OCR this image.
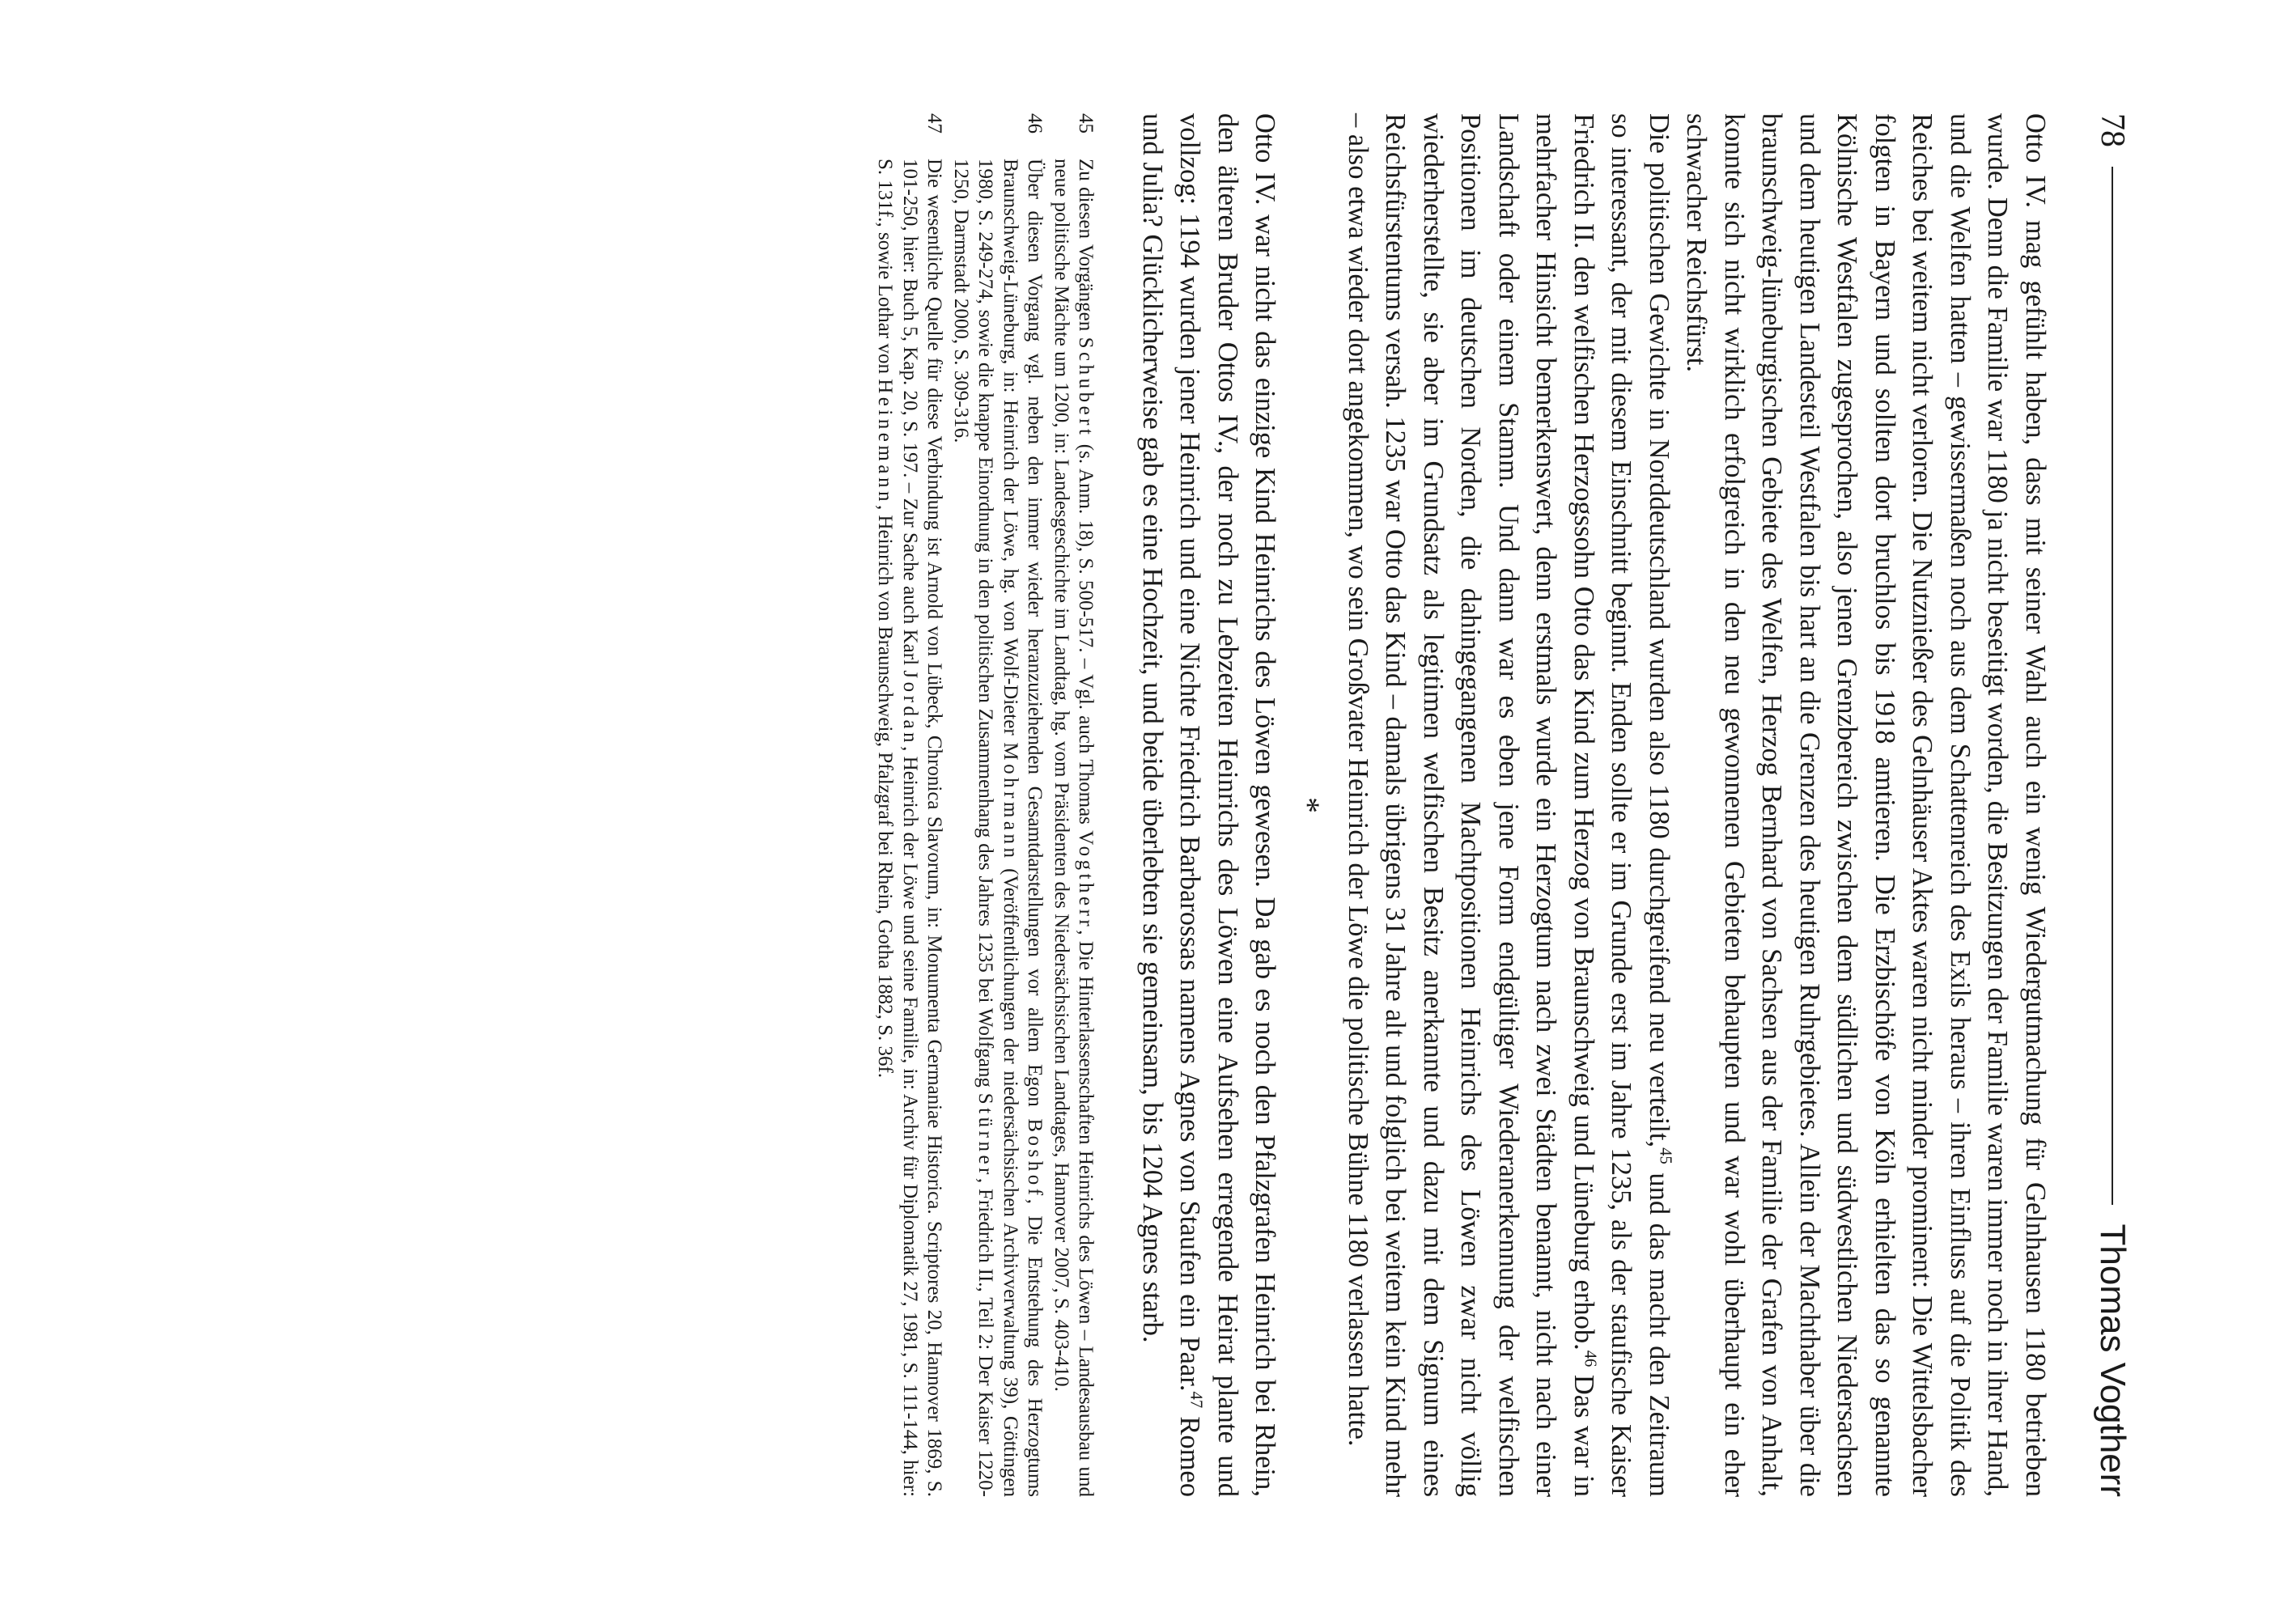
78
Thomas Vogtherr

Otto IV. mag gefühlt haben, dass mit seiner Wahl auch ein wenig Wiedergutmachung für Gelnhausen 1180 betrieben wurde. Denn die Familie war 1180 ja nicht beseitigt worden, die Besitzungen der Familie waren immer noch in ihrer Hand, und die Welfen hatten – gewissermaßen noch aus dem Schattenreich des Exils heraus – ihren Einfluss auf die Politik des Reiches bei weitem nicht verloren. Die Nutznießer des Gelnhäuser Aktes waren nicht minder prominent: Die Wittelsbacher folgten in Bayern und sollten dort bruchlos bis 1918 amtieren. Die Erzbischöfe von Köln erhielten das so genannte Kölnische Westfalen zugesprochen, also jenen Grenzbereich zwischen dem südlichen und südwestlichen Niedersachsen und dem heutigen Landesteil Westfalen bis hart an die Grenzen des heutigen Ruhrgebietes. Allein der Machthaber über die braunschweig-lüneburgischen Gebiete des Welfen, Herzog Bernhard von Sachsen aus der Familie der Grafen von Anhalt, konnte sich nicht wirklich erfolgreich in den neu gewonnenen Gebieten behaupten und war wohl überhaupt ein eher schwacher Reichsfürst.

Die politischen Gewichte in Norddeutschland wurden also 1180 durchgreifend neu verteilt,$^{45}$ und das macht den Zeitraum so interessant, der mit diesem Einschnitt beginnt. Enden sollte er im Grunde erst im Jahre 1235, als der staufische Kaiser Friedrich II. den welfischen Herzogssohn Otto das Kind zum Herzog von Braunschweig und Lüneburg erhob.$^{46}$ Das war in mehrfacher Hinsicht bemerkenswert, denn erstmals wurde ein Herzogtum nach zwei Städten benannt, nicht nach einer Landschaft oder einem Stamm. Und dann war es eben jene Form endgültiger Wiederanerkennung der welfischen Positionen im deutschen Norden, die dahingegangenen Machtpositionen Heinrichs des Löwen zwar nicht völlig wiederherstellte, sie aber im Grundsatz als legitimen welfischen Besitz anerkannte und dazu mit dem Signum eines Reichsfürstentums versah. 1235 war Otto das Kind – damals übrigens 31 Jahre alt und folglich bei weitem kein Kind mehr – also etwa wieder dort angekommen, wo sein Großvater Heinrich der Löwe die politische Bühne 1180 verlassen hatte.

*

Otto IV. war nicht das einzige Kind Heinrichs des Löwen gewesen. Da gab es noch den Pfalzgrafen Heinrich bei Rhein, den älteren Bruder Ottos IV., der noch zu Lebzeiten Heinrichs des Löwen eine Aufsehen erregende Heirat plante und vollzog: 1194 wurden jener Heinrich und eine Nichte Friedrich Barbarossas namens Agnes von Staufen ein Paar.$^{47}$ Romeo und Julia? Glücklicherweise gab es eine Hochzeit, und beide überlebten sie gemeinsam, bis 1204 Agnes starb.

45
Zu diesen Vorgängen Schubert (s. Anm. 18), S. 500-517. – Vgl. auch Thomas Vogtherr, Die Hinterlassenschaften Heinrichs des Löwen – Landesausbau und neue politische Mächte um 1200, in: Landesgeschichte im Landtag, hg. vom Präsidenten des Niedersächsischen Landtages, Hannover 2007, S. 403-410.
46
Über diesen Vorgang vgl. neben den immer wieder heranzuziehenden Gesamtdarstellungen vor allem Egon Boshof, Die Entstehung des Herzogtums Braunschweig-Lüneburg, in: Heinrich der Löwe, hg. von Wolf-Dieter Mohrmann (Veröffentlichungen der niedersächsischen Archivverwaltung 39), Göttingen 1980, S. 249-274, sowie die knappe Einordnung in den politischen Zusammenhang des Jahres 1235 bei Wolfgang Stürner, Friedrich II., Teil 2: Der Kaiser 1220-1250, Darmstadt 2000, S. 309-316.
47
Die wesentliche Quelle für diese Verbindung ist Arnold von Lübeck, Chronica Slavorum, in: Monumenta Germaniae Historica. Scriptores 20, Hannover 1869, S. 101-250, hier: Buch 5, Kap. 20, S. 197. – Zur Sache auch Karl Jordan, Heinrich der Löwe und seine Familie, in: Archiv für Diplomatik 27, 1981, S. 111-144, hier: S. 131f., sowie Lothar von Heinemann, Heinrich von Braunschweig, Pfalzgraf bei Rhein, Gotha 1882, S. 36f.
